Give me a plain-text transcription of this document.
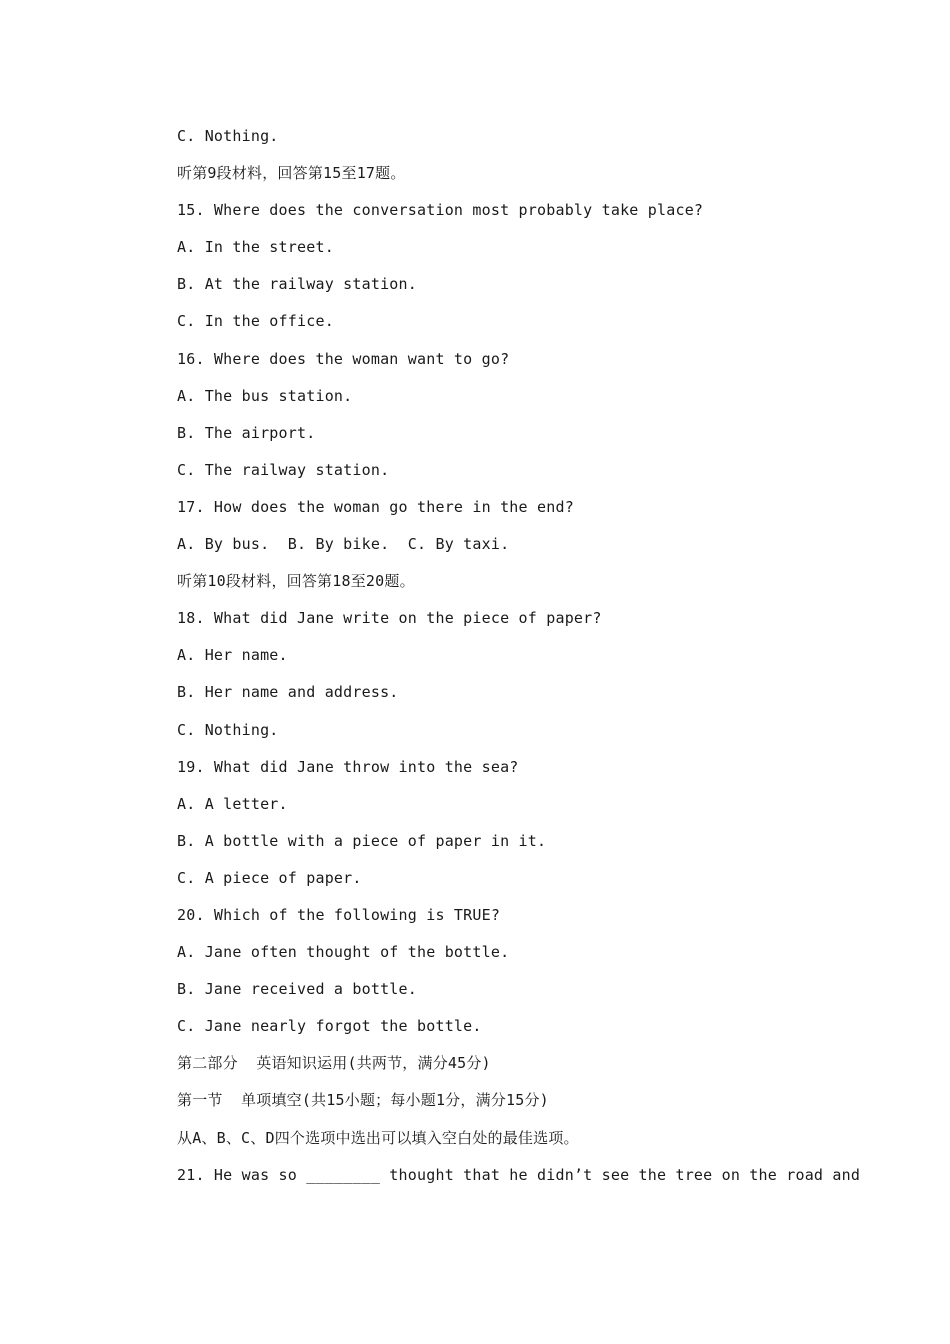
C. Nothing.
听第9段材料，回答第15至17题。
15. Where does the conversation most probably take place?
A. In the street.
B. At the railway station.
C. In the office.
16. Where does the woman want to go?
A. The bus station.
B. The airport.
C. The railway station.
17. How does the woman go there in the end?
A. By bus.  B. By bike.  C. By taxi.
听第10段材料，回答第18至20题。
18. What did Jane write on the piece of paper?
A. Her name.
B. Her name and address.
C. Nothing.
19. What did Jane throw into the sea?
A. A letter.
B. A bottle with a piece of paper in it.
C. A piece of paper.
20. Which of the following is TRUE?
A. Jane often thought of the bottle.
B. Jane received a bottle.
C. Jane nearly forgot the bottle.
第二部分  英语知识运用(共两节，满分45分)
第一节  单项填空(共15小题；每小题1分，满分15分)
从A、B、C、D四个选项中选出可以填入空白处的最佳选项。
21. He was so ________ thought that he didn’t see the tree on the road and
